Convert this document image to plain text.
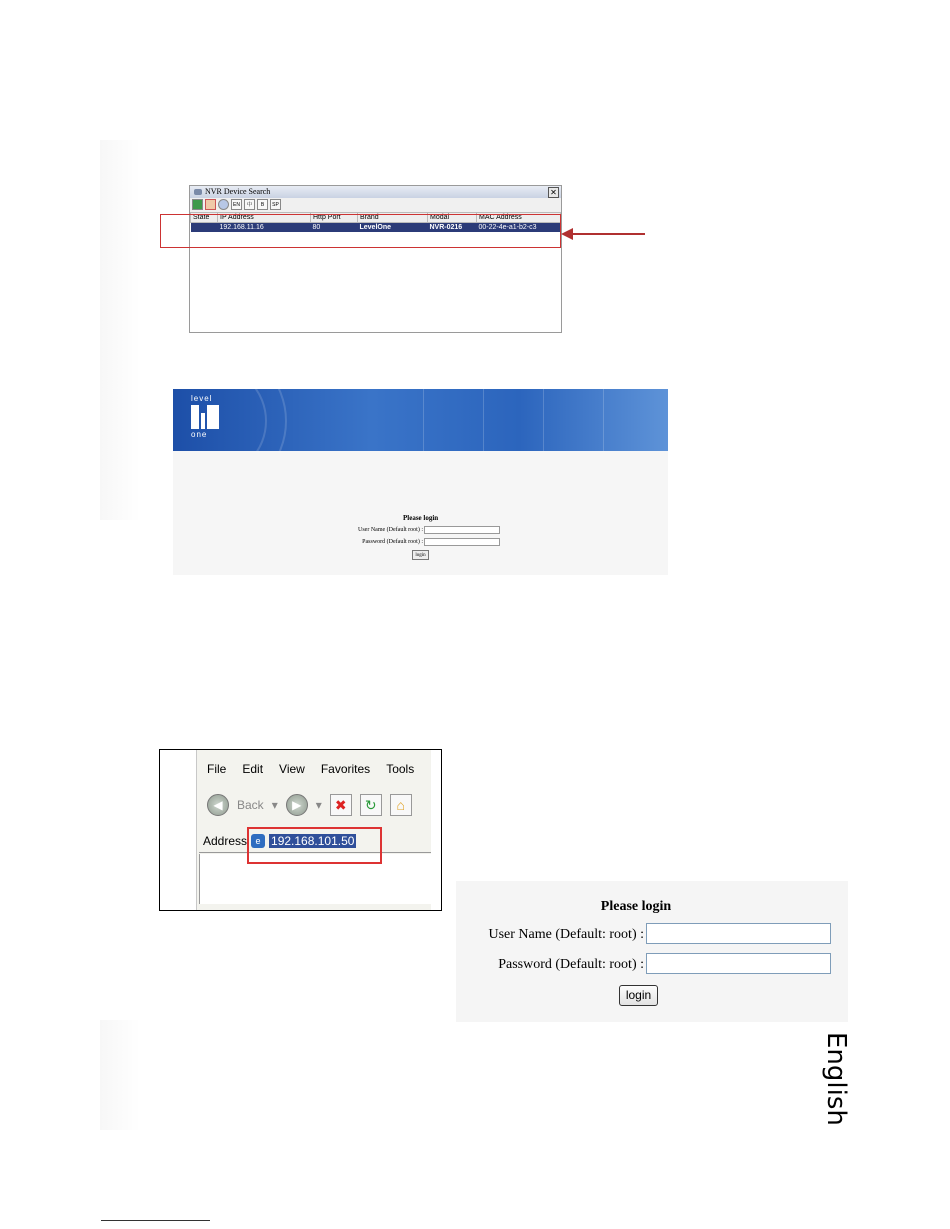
NVR Device Search	✕
EN	中	B	SP
State	IP Address	Http Port	Brand	Modal	MAC Address
	192.168.11.16	80	LevelOne	NVR-0216	00-22-4e-a1-b2-c3
level
one
Please login
User Name (Default root) :
Password (Default root) :
login
File Edit View Favorites Tools
◀	Back ▾	▶	▾ ✖	↻	⌂
Address e 192.168.101.50
Please login
User Name (Default: root) :
Password (Default: root) :
login
English
